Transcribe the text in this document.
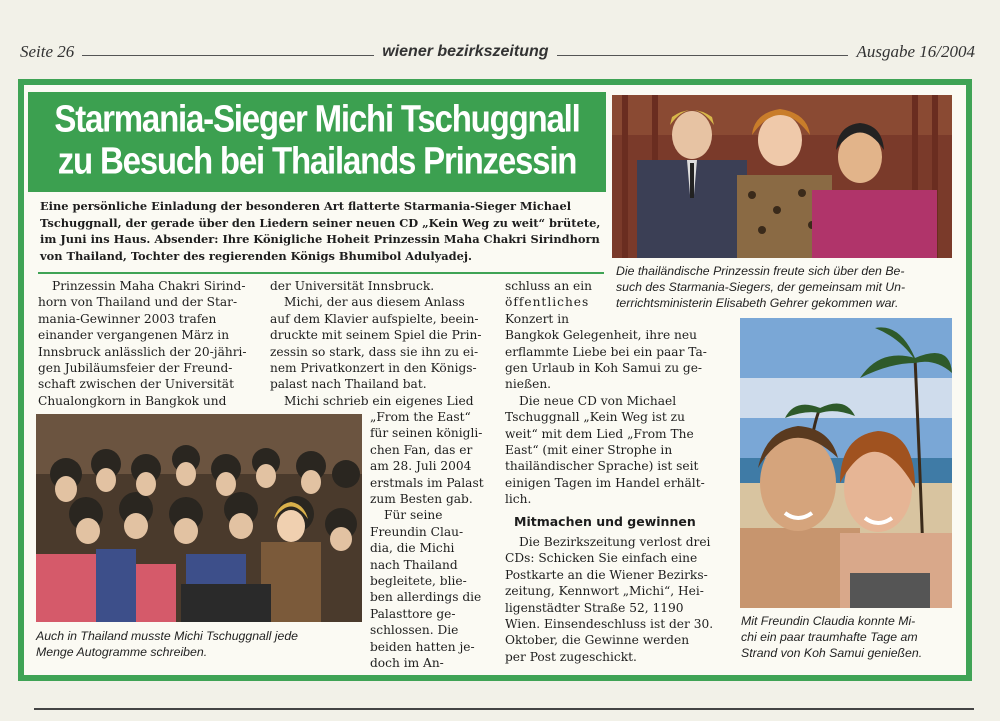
Seite 26	wiener bezirkszeitung	Ausgabe 16/2004
Starmania-Sieger Michi Tschuggnall
zu Besuch bei Thailands Prinzessin
Eine persönliche Einladung der besonderen Art flatterte Starmania-Sieger Michael
Tschuggnall, der gerade über den Liedern seiner neuen CD „Kein Weg zu weit“ brütete,
im Juni ins Haus. Absender: Ihre Königliche Hoheit Prinzessin Maha Chakri Sirindhorn
von Thailand, Tochter des regierenden Königs Bhumibol Adulyadej.
Die thailändische Prinzessin freute sich über den Be-
such des Starmania-Siegers, der gemeinsam mit Un-
terrichtsministerin Elisabeth Gehrer gekommen war.

Prinzessin Maha Chakri Sirind-

horn von Thailand und der Star-

mania-Gewinner 2003 trafen

einander vergangenen März in

Innsbruck anlässlich der 20-jähri-

gen Jubiläumsfeier der Freund-

schaft zwischen der Universität

Chualongkorn in Bangkok und

der Universität Innsbruck.

Michi, der aus diesem Anlass

auf dem Klavier aufspielte, beein-

druckte mit seinem Spiel die Prin-

zessin so stark, dass sie ihn zu ei-

nem Privatkonzert in den Königs-

palast nach Thailand bat.

Michi schrieb ein eigenes Lied

„From the East“

für seinen königli-

chen Fan, das er

am 28. Juli 2004

erstmals im Palast

zum Besten gab.

Für seine

Freundin Clau-

dia, die Michi

nach Thailand

begleitete, blie-

ben allerdings die

Palasttore ge-

schlossen. Die

beiden hatten je-

doch im An-

Auch in Thailand musste Michi Tschuggnall jede
Menge Autogramme schreiben.

schluss an ein

öffentliches

Konzert in

Bangkok Gelegenheit, ihre neu

erflammte Liebe bei ein paar Ta-

gen Urlaub in Koh Samui zu ge-

nießen.

Die neue CD von Michael

Tschuggnall „Kein Weg ist zu

weit“ mit dem Lied „From The

East“ (mit einer Strophe in

thailändischer Sprache) ist seit

einigen Tagen im Handel erhält-

lich.

Mitmachen und gewinnen

Die Bezirkszeitung verlost drei

CDs: Schicken Sie einfach eine

Postkarte an die Wiener Bezirks-

zeitung, Kennwort „Michi“, Hei-

ligenstädter Straße 52, 1190

Wien. Einsendeschluss ist der 30.

Oktober, die Gewinne werden

per Post zugeschickt.

Mit Freundin Claudia konnte Mi-
chi ein paar traumhafte Tage am
Strand von Koh Samui genießen.
